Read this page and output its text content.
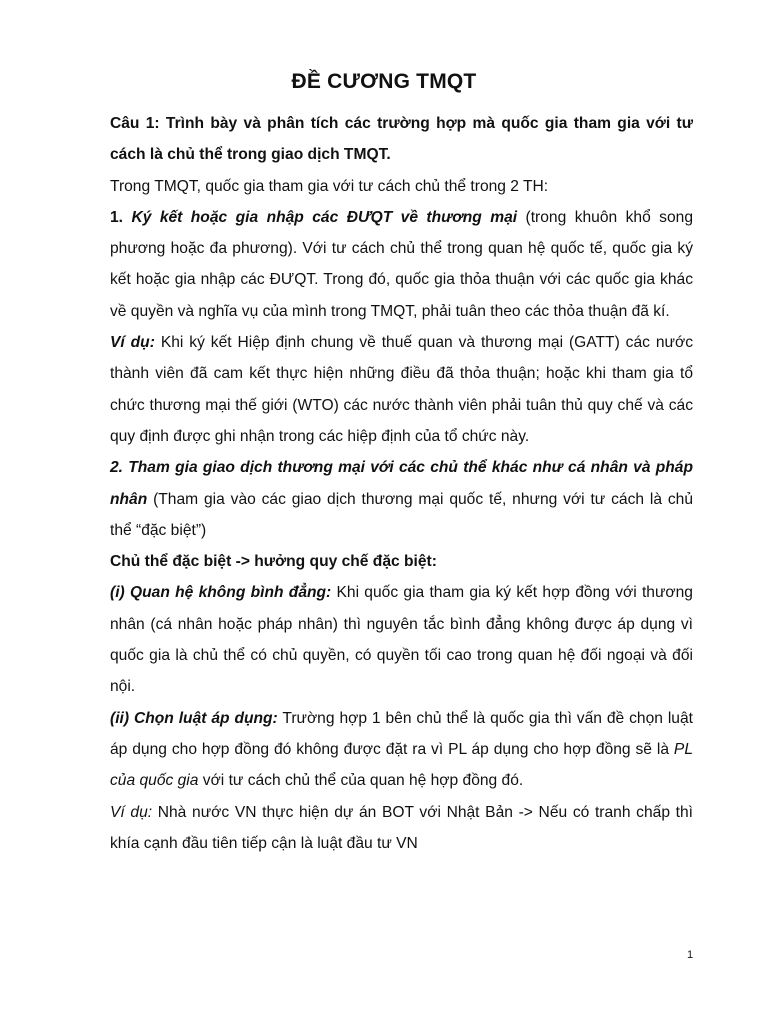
ĐỀ CƯƠNG TMQT

Câu 1: Trình bày và phân tích các trường hợp mà quốc gia tham gia với tư cách là chủ thể trong giao dịch TMQT.

Trong TMQT, quốc gia tham gia với tư cách chủ thể trong 2 TH:

1. Ký kết hoặc gia nhập các ĐƯQT về thương mại (trong khuôn khổ song phương hoặc đa phương). Với tư cách chủ thể trong quan hệ quốc tế, quốc gia ký kết hoặc gia nhập các ĐƯQT. Trong đó, quốc gia thỏa thuận với các quốc gia khác về quyền và nghĩa vụ của mình trong TMQT, phải tuân theo các thỏa thuận đã kí.

Ví dụ: Khi ký kết Hiệp định chung về thuế quan và thương mại (GATT) các nước thành viên đã cam kết thực hiện những điều đã thỏa thuận; hoặc khi tham gia tổ chức thương mại thế giới (WTO) các nước thành viên phải tuân thủ quy chế và các quy định được ghi nhận trong các hiệp định của tổ chức này.

2. Tham gia giao dịch thương mại với các chủ thể khác như cá nhân và pháp nhân (Tham gia vào các giao dịch thương mại quốc tế, nhưng với tư cách là chủ thể “đặc biệt”)

Chủ thể đặc biệt -> hưởng quy chế đặc biệt:

(i) Quan hệ không bình đẳng: Khi quốc gia tham gia ký kết hợp đồng với thương nhân (cá nhân hoặc pháp nhân) thì nguyên tắc bình đẳng không được áp dụng vì quốc gia là chủ thể có chủ quyền, có quyền tối cao trong quan hệ đối ngoại và đối nội.

(ii) Chọn luật áp dụng: Trường hợp 1 bên chủ thể là quốc gia thì vấn đề chọn luật áp dụng cho hợp đồng đó không được đặt ra vì PL áp dụng cho hợp đồng sẽ là PL của quốc gia với tư cách chủ thể của quan hệ hợp đồng đó.

Ví dụ: Nhà nước VN thực hiện dự án BOT với Nhật Bản -> Nếu có tranh chấp thì khía cạnh đầu tiên tiếp cận là luật đầu tư VN

1
